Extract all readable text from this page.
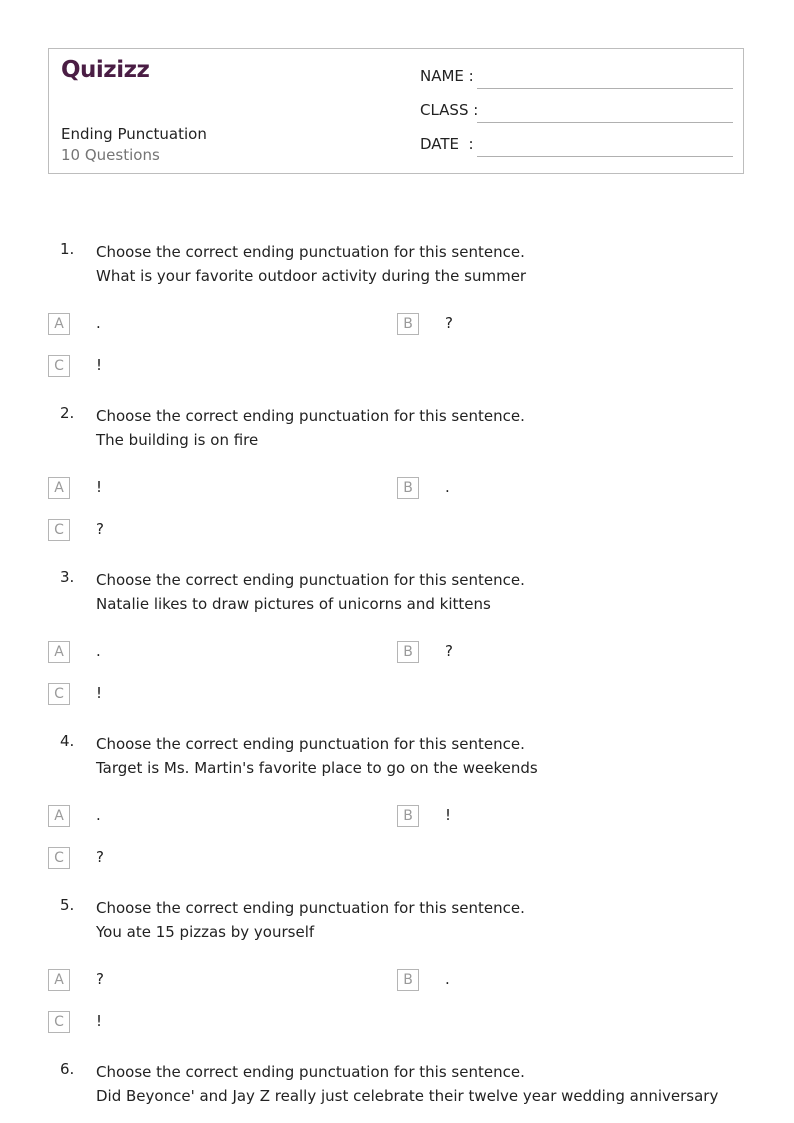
Quizizz
Ending Punctuation
10 Questions
NAME :
CLASS :
DATE  :
1. Choose the correct ending punctuation for this sentence.
What is your favorite outdoor activity during the summer
A	.	B	?
C	!
2. Choose the correct ending punctuation for this sentence.
The building is on fire
A	!	B	.
C	?
3. Choose the correct ending punctuation for this sentence.
Natalie likes to draw pictures of unicorns and kittens
A	.	B	?
C	!
4. Choose the correct ending punctuation for this sentence.
Target is Ms. Martin's favorite place to go on the weekends
A	.	B	!
C	?
5. Choose the correct ending punctuation for this sentence.
You ate 15 pizzas by yourself
A	?	B	.
C	!
6. Choose the correct ending punctuation for this sentence.
Did Beyonce' and Jay Z really just celebrate their twelve year wedding anniversary
